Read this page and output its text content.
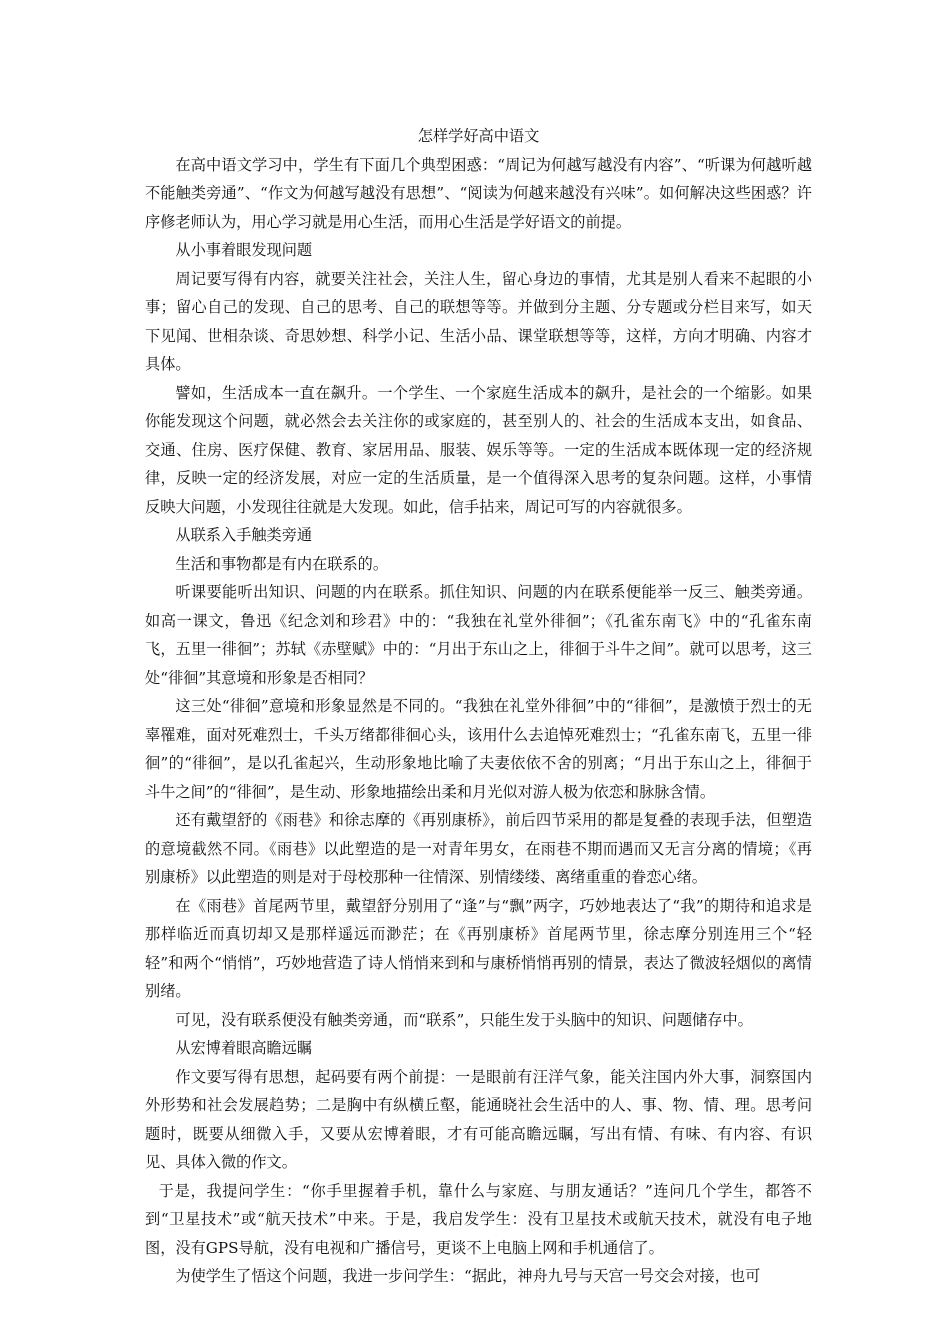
怎样学好高中语文

在高中语文学习中，学生有下面几个典型困惑：“周记为何越写越没有内容”、“听课为何越听越不能触类旁通”、“作文为何越写越没有思想”、“阅读为何越来越没有兴味”。如何解决这些困惑？许序修老师认为，用心学习就是用心生活，而用心生活是学好语文的前提。

从小事着眼发现问题

周记要写得有内容，就要关注社会，关注人生，留心身边的事情，尤其是别人看来不起眼的小事；留心自己的发现、自己的思考、自己的联想等等。并做到分主题、分专题或分栏目来写，如天下见闻、世相杂谈、奇思妙想、科学小记、生活小品、课堂联想等等，这样，方向才明确、内容才具体。

譬如，生活成本一直在飙升。一个学生、一个家庭生活成本的飙升，是社会的一个缩影。如果你能发现这个问题，就必然会去关注你的或家庭的，甚至别人的、社会的生活成本支出，如食品、交通、住房、医疗保健、教育、家居用品、服装、娱乐等等。一定的生活成本既体现一定的经济规律，反映一定的经济发展，对应一定的生活质量，是一个值得深入思考的复杂问题。这样，小事情反映大问题，小发现往往就是大发现。如此，信手拈来，周记可写的内容就很多。

从联系入手触类旁通

生活和事物都是有内在联系的。

听课要能听出知识、问题的内在联系。抓住知识、问题的内在联系便能举一反三、触类旁通。如高一课文，鲁迅《纪念刘和珍君》中的：“我独在礼堂外徘徊”；《孔雀东南飞》中的“孔雀东南飞，五里一徘徊”；苏轼《赤壁赋》中的：“月出于东山之上，徘徊于斗牛之间”。就可以思考，这三处“徘徊”其意境和形象是否相同？

这三处“徘徊”意境和形象显然是不同的。“我独在礼堂外徘徊”中的“徘徊”，是激愤于烈士的无辜罹难，面对死难烈士，千头万绪都徘徊心头，该用什么去追悼死难烈士；“孔雀东南飞，五里一徘徊”的“徘徊”，是以孔雀起兴，生动形象地比喻了夫妻依依不舍的别离；“月出于东山之上，徘徊于斗牛之间”的“徘徊”，是生动、形象地描绘出柔和月光似对游人极为依恋和脉脉含情。

还有戴望舒的《雨巷》和徐志摩的《再别康桥》，前后四节采用的都是复叠的表现手法，但塑造的意境截然不同。《雨巷》以此塑造的是一对青年男女，在雨巷不期而遇而又无言分离的情境；《再别康桥》以此塑造的则是对于母校那种一往情深、别情缕缕、离绪重重的眷恋心绪。

在《雨巷》首尾两节里，戴望舒分别用了“逢”与“飘”两字，巧妙地表达了“我”的期待和追求是那样临近而真切却又是那样遥远而渺茫；在《再别康桥》首尾两节里，徐志摩分别连用三个“轻轻”和两个“悄悄”，巧妙地营造了诗人悄悄来到和与康桥悄悄再别的情景，表达了微波轻烟似的离情别绪。

可见，没有联系便没有触类旁通，而“联系”，只能生发于头脑中的知识、问题储存中。

从宏博着眼高瞻远瞩

作文要写得有思想，起码要有两个前提：一是眼前有汪洋气象，能关注国内外大事，洞察国内外形势和社会发展趋势；二是胸中有纵横丘壑，能通晓社会生活中的人、事、物、情、理。思考问题时，既要从细微入手，又要从宏博着眼，才有可能高瞻远瞩，写出有情、有味、有内容、有识见、具体入微的作文。

于是，我提问学生：“你手里握着手机，靠什么与家庭、与朋友通话？”连问几个学生，都答不到“卫星技术”或“航天技术”中来。于是，我启发学生：没有卫星技术或航天技术，就没有电子地图，没有GPS导航，没有电视和广播信号，更谈不上电脑上网和手机通信了。

为使学生了悟这个问题，我进一步问学生：“据此，神舟九号与天宫一号交会对接，也可
